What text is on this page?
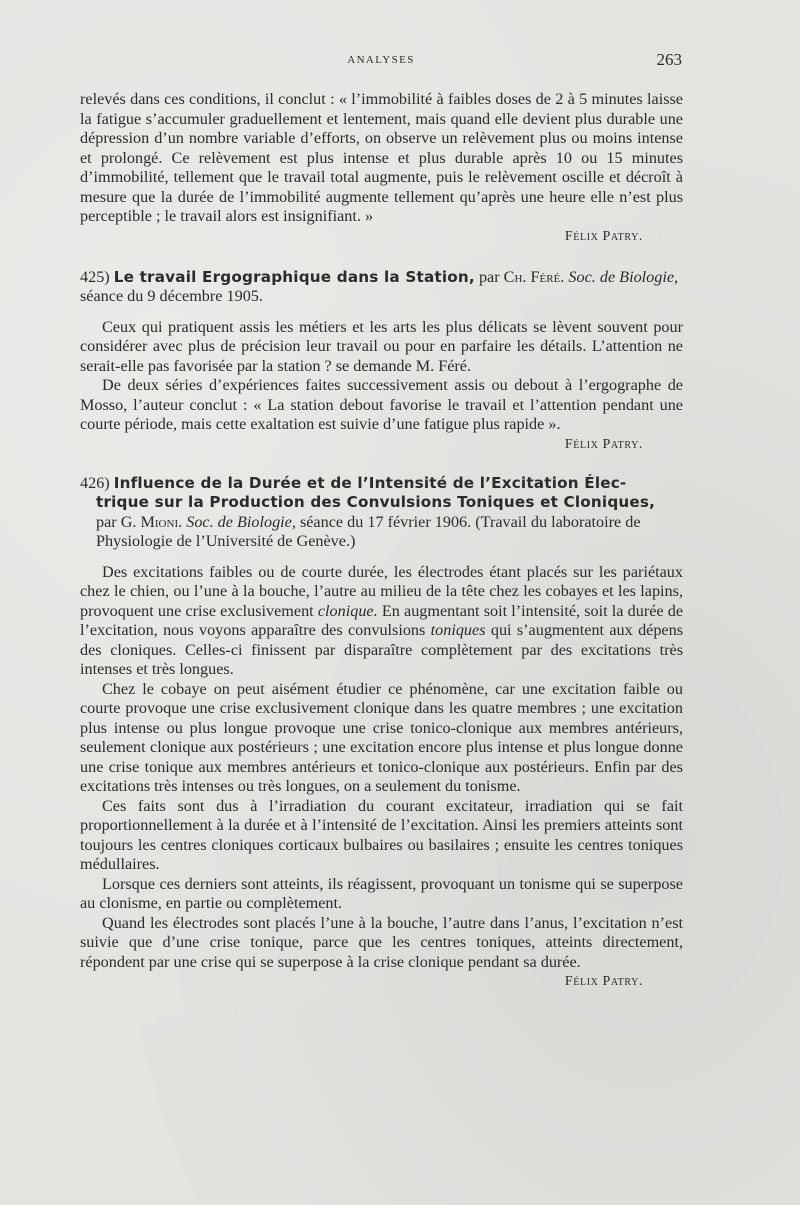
ANALYSES	263

relevés dans ces conditions, il conclut : « l’immobilité à faibles doses de 2 à 5 minutes laisse la fatigue s’accumuler graduellement et lentement, mais quand elle devient plus durable une dépression d’un nombre variable d’efforts, on observe un relèvement plus ou moins intense et prolongé. Ce relèvement est plus intense et plus durable après 10 ou 15 minutes d’immobilité, tellement que le travail total augmente, puis le relèvement oscille et décroît à mesure que la durée de l’immobilité augmente tellement qu’après une heure elle n’est plus perceptible ; le travail alors est insignifiant. »

Félix Patry.

425) Le travail Ergographique dans la Station, par Ch. Féré. Soc. de Biologie, séance du 9 décembre 1905.

Ceux qui pratiquent assis les métiers et les arts les plus délicats se lèvent souvent pour considérer avec plus de précision leur travail ou pour en parfaire les détails. L’attention ne serait-elle pas favorisée par la station ? se demande M. Féré.

De deux séries d’expériences faites successivement assis ou debout à l’ergographe de Mosso, l’auteur conclut : « La station debout favorise le travail et l’attention pendant une courte période, mais cette exaltation est suivie d’une fatigue plus rapide ».

Félix Patry.

426) Influence de la Durée et de l’Intensité de l’Excitation Élec-
trique sur la Production des Convulsions Toniques et Cloniques,
par G. Mioni. Soc. de Biologie, séance du 17 février 1906. (Travail du laboratoire de Physiologie de l’Université de Genève.)

Des excitations faibles ou de courte durée, les électrodes étant placés sur les pariétaux chez le chien, ou l’une à la bouche, l’autre au milieu de la tête chez les cobayes et les lapins, provoquent une crise exclusivement clonique. En augmentant soit l’intensité, soit la durée de l’excitation, nous voyons apparaître des convulsions toniques qui s’augmentent aux dépens des cloniques. Celles-ci finissent par disparaître complètement par des excitations très intenses et très longues.

Chez le cobaye on peut aisément étudier ce phénomène, car une excitation faible ou courte provoque une crise exclusivement clonique dans les quatre membres ; une excitation plus intense ou plus longue provoque une crise tonico-clonique aux membres antérieurs, seulement clonique aux postérieurs ; une excitation encore plus intense et plus longue donne une crise tonique aux membres antérieurs et tonico-clonique aux postérieurs. Enfin par des excitations très intenses ou très longues, on a seulement du tonisme.

Ces faits sont dus à l’irradiation du courant excitateur, irradiation qui se fait proportionnellement à la durée et à l’intensité de l’excitation. Ainsi les premiers atteints sont toujours les centres cloniques corticaux bulbaires ou basilaires ; ensuite les centres toniques médullaires.

Lorsque ces derniers sont atteints, ils réagissent, provoquant un tonisme qui se superpose au clonisme, en partie ou complètement.

Quand les électrodes sont placés l’une à la bouche, l’autre dans l’anus, l’excitation n’est suivie que d’une crise tonique, parce que les centres toniques, atteints directement, répondent par une crise qui se superpose à la crise clonique pendant sa durée.

Félix Patry.
